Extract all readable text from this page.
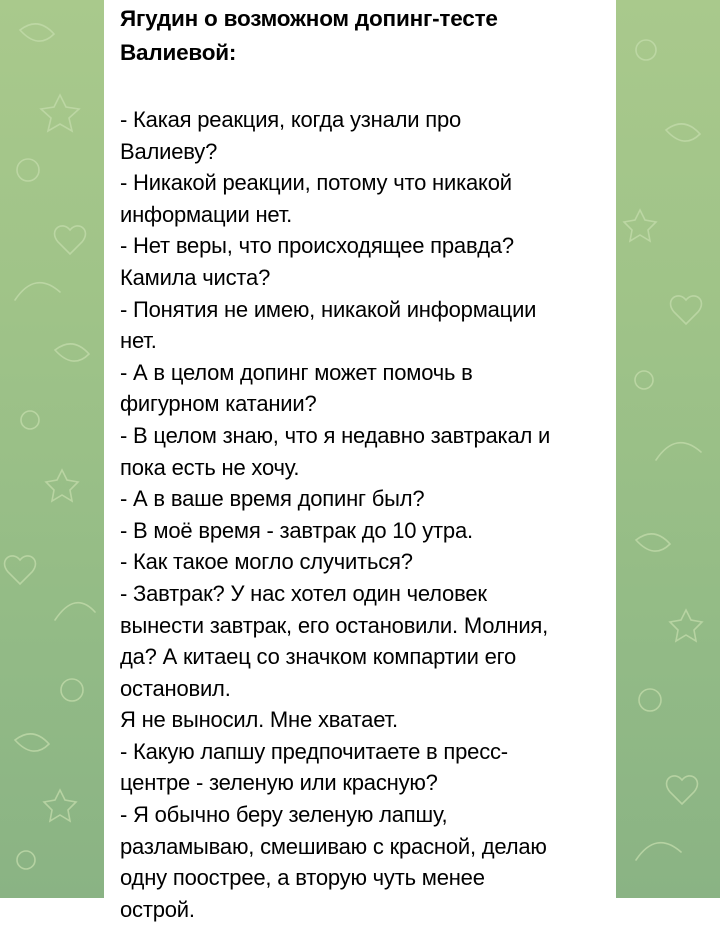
Ягудин о возможном допинг-тесте
Валиевой:
- Какая реакция, когда узнали про
Валиеву?
- Никакой реакции, потому что никакой
информации нет.
- Нет веры, что происходящее правда?
Камила чиста?
- Понятия не имею, никакой информации
нет.
- А в целом допинг может помочь в
фигурном катании?
- В целом знаю, что я недавно завтракал и
пока есть не хочу.
- А в ваше время допинг был?
- В моё время - завтрак до 10 утра.
- Как такое могло случиться?
- Завтрак? У нас хотел один человек
вынести завтрак, его остановили. Молния,
да? А китаец со значком компартии его
остановил.
Я не выносил. Мне хватает.
- Какую лапшу предпочитаете в пресс-
центре - зеленую или красную?
- Я обычно беру зеленую лапшу,
разламываю, смешиваю с красной, делаю
одну поострее, а вторую чуть менее
острой.
